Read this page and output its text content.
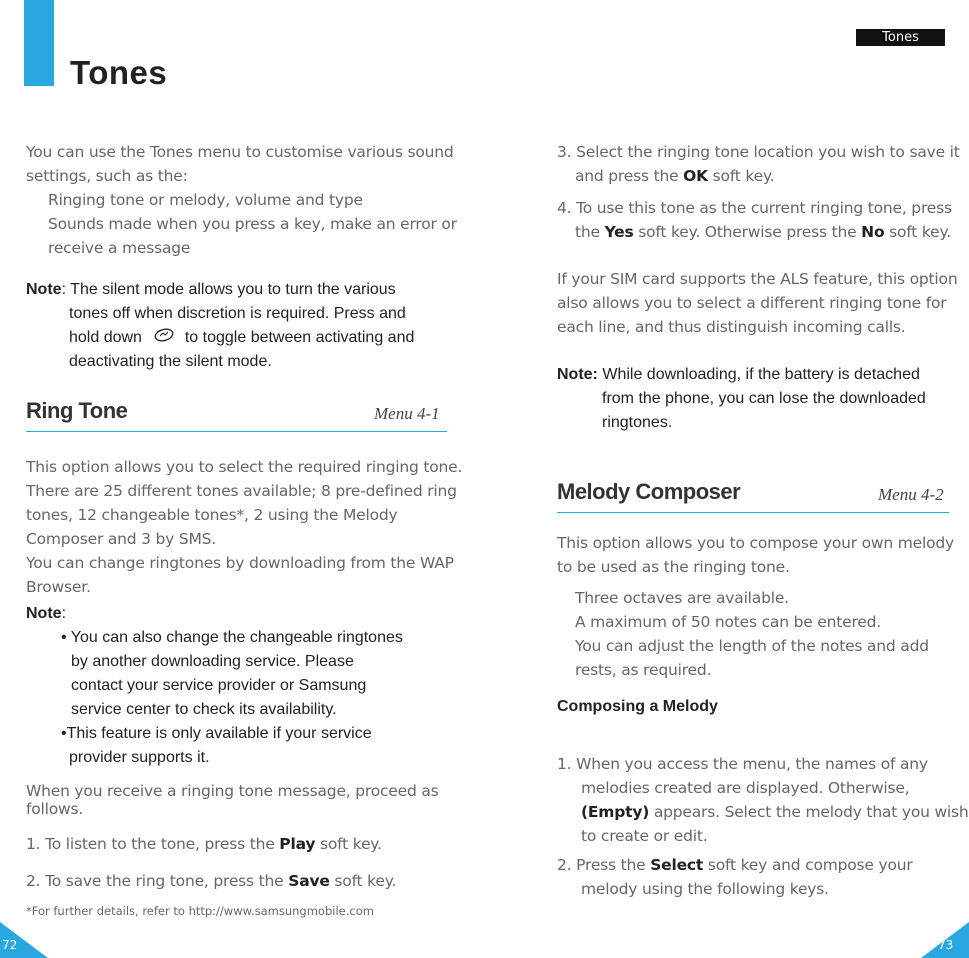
Tones
Tones
You can use the Tones menu to customise various sound
settings, such as the:
Ringing tone or melody, volume and type
Sounds made when you press a key, make an error or
receive a message
Note: The silent mode allows you to turn the various
tones off when discretion is required. Press and
hold down	to toggle between activating and
deactivating the silent mode.
Ring Tone	Menu 4-1
This option allows you to select the required ringing tone.
There are 25 different tones available; 8 pre-defined ring
tones, 12 changeable tones*, 2 using the Melody
Composer and 3 by SMS.
You can change ringtones by downloading from the WAP
Browser.
Note:
• You can also change the changeable ringtones
by another downloading service. Please
contact your service provider or Samsung
service center to check its availability.
•This feature is only available if your service
provider supports it.
When you receive a ringing tone message, proceed as
follows.
1. To listen to the tone, press the Play soft key.
2. To save the ring tone, press the Save soft key.
*For further details, refer to http://www.samsungmobile.com
72
3. Select the ringing tone location you wish to save it
and press the OK soft key.
4. To use this tone as the current ringing tone, press
the Yes soft key. Otherwise press the No soft key.
If your SIM card supports the ALS feature, this option
also allows you to select a different ringing tone for
each line, and thus distinguish incoming calls.
Note: While downloading, if the battery is detached
from the phone, you can lose the downloaded
ringtones.
Melody Composer	Menu 4-2
This option allows you to compose your own melody
to be used as the ringing tone.
Three octaves are available.
A maximum of 50 notes can be entered.
You can adjust the length of the notes and add
rests, as required.
Composing a Melody
1. When you access the menu, the names of any
melodies created are displayed. Otherwise,
(Empty) appears. Select the melody that you wish
to create or edit.
2. Press the Select soft key and compose your
melody using the following keys.
73
